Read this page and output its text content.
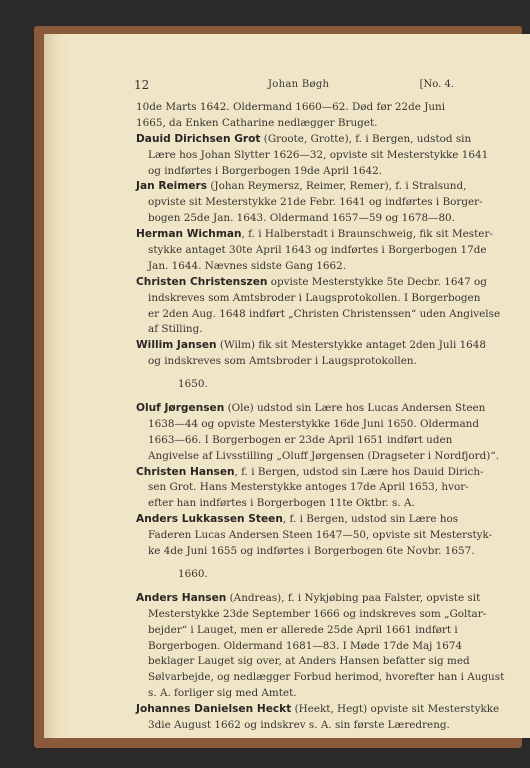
12	Johan Bøgh	[No. 4.
10de Marts 1642. Oldermand 1660—62. Død før 22de Juni
1665, da Enken Catharine nedlægger Bruget.
Dauid Dirichsen Grot (Groote, Grotte), f. i Bergen, udstod sin
Lære hos Johan Slytter 1626—32, opviste sit Mesterstykke 1641
og indførtes i Borgerbogen 19de April 1642.
Jan Reimers (Johan Reymersz, Reimer, Remer), f. i Stralsund,
opviste sit Mesterstykke 21de Febr. 1641 og indførtes i Borger-
bogen 25de Jan. 1643. Oldermand 1657—59 og 1678—80.
Herman Wichman, f. i Halberstadt i Braunschweig, fik sit Mester-
stykke antaget 30te April 1643 og indførtes i Borgerbogen 17de
Jan. 1644. Nævnes sidste Gang 1662.
Christen Christenszen opviste Mesterstykke 5te Decbr. 1647 og
indskreves som Amtsbroder i Laugsprotokollen. I Borgerbogen
er 2den Aug. 1648 indført „Christen Christenssen“ uden Angivelse
af Stilling.
Willim Jansen (Wilm) fik sit Mesterstykke antaget 2den Juli 1648
og indskreves som Amtsbroder i Laugsprotokollen.
1650.
Oluf Jørgensen (Ole) udstod sin Lære hos Lucas Andersen Steen
1638—44 og opviste Mesterstykke 16de Juni 1650. Oldermand
1663—66. I Borgerbogen er 23de April 1651 indført uden
Angivelse af Livsstilling „Oluff Jørgensen (Dragseter i Nordfjord)“.
Christen Hansen, f. i Bergen, udstod sin Lære hos Dauid Dirich-
sen Grot. Hans Mesterstykke antoges 17de April 1653, hvor-
efter han indførtes i Borgerbogen 11te Oktbr. s. A.
Anders Lukkassen Steen, f. i Bergen, udstod sin Lære hos
Faderen Lucas Andersen Steen 1647—50, opviste sit Mesterstyk-
ke 4de Juni 1655 og indførtes i Borgerbogen 6te Novbr. 1657.
1660.
Anders Hansen (Andreas), f. i Nykjøbing paa Falster, opviste sit
Mesterstykke 23de September 1666 og indskreves som „Goltar-
bejder“ i Lauget, men er allerede 25de April 1661 indført i
Borgerbogen. Oldermand 1681—83. I Møde 17de Maj 1674
beklager Lauget sig over, at Anders Hansen befatter sig med
Sølvarbejde, og nedlægger Forbud herimod, hvorefter han i August
s. A. forliger sig med Amtet.
Johannes Danielsen Heckt (Heekt, Hegt) opviste sit Mesterstykke
3die August 1662 og indskrev s. A. sin første Læredreng.
